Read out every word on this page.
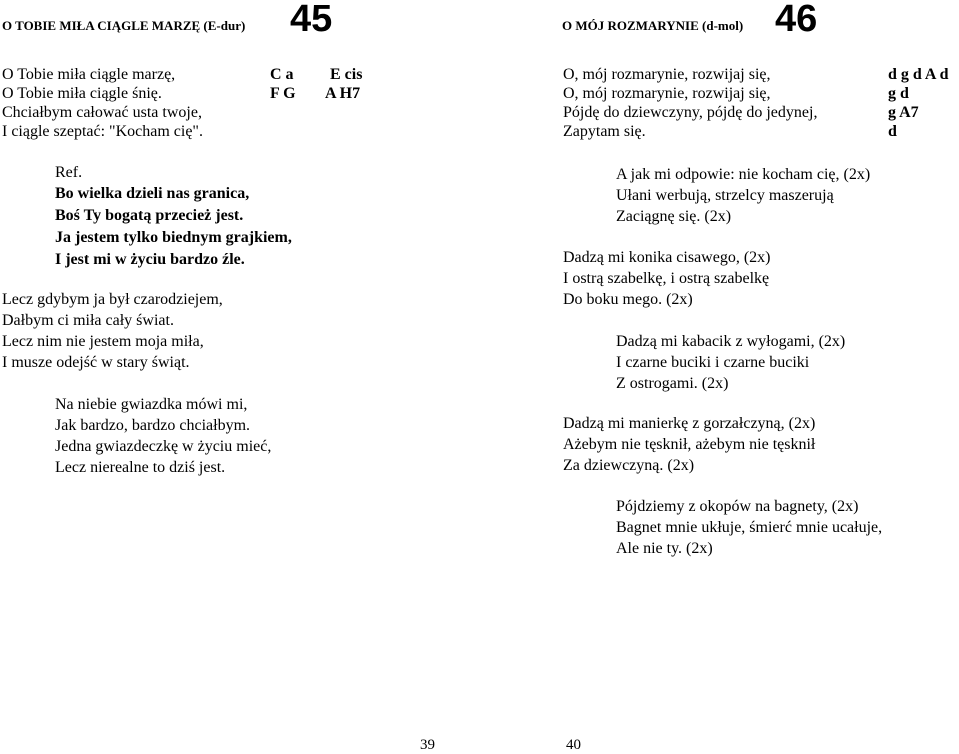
O TOBIE MIŁA CIĄGLE MARZĘ (E-dur) 45
O Tobie miła ciągle marzę,	C a E cis
O Tobie miła ciągle śnię.	F G A H7
Chciałbym całować usta twoje,
I ciągle szeptać: "Kocham cię".
Ref.
Bo wielka dzieli nas granica,
Boś Ty bogatą przecież jest.
Ja jestem tylko biednym grajkiem,
I jest mi w życiu bardzo źle.
Lecz gdybym ja był czarodziejem,
Dałbym ci miła cały świat.
Lecz nim nie jestem moja miła,
I musze odejść w stary świąt.
Na niebie gwiazdka mówi mi,
Jak bardzo, bardzo chciałbym.
Jedna gwiazdeczkę w życiu mieć,
Lecz nierealne to dziś jest.
39
O MÓJ ROZMARYNIE (d-mol) 46
O, mój rozmarynie, rozwijaj się,	d g d A d
O, mój rozmarynie, rozwijaj się,	g d
Pójdę do dziewczyny, pójdę do jedynej,	g A7
Zapytam się.	d
A jak mi odpowie: nie kocham cię, (2x)
Ułani werbują, strzelcy maszerują
Zaciągnę się. (2x)
Dadzą mi konika cisawego, (2x)
I ostrą szabelkę, i ostrą szabelkę
Do boku mego. (2x)
Dadzą mi kabacik z wyłogami, (2x)
I czarne buciki i czarne buciki
Z ostrogami. (2x)
Dadzą mi manierkę z gorzałczyną, (2x)
Ażebym nie tęsknił, ażebym nie tęsknił
Za dziewczyną. (2x)
Pójdziemy z okopów na bagnety, (2x)
Bagnet mnie ukłuje, śmierć mnie ucałuje,
Ale nie ty. (2x)
40
